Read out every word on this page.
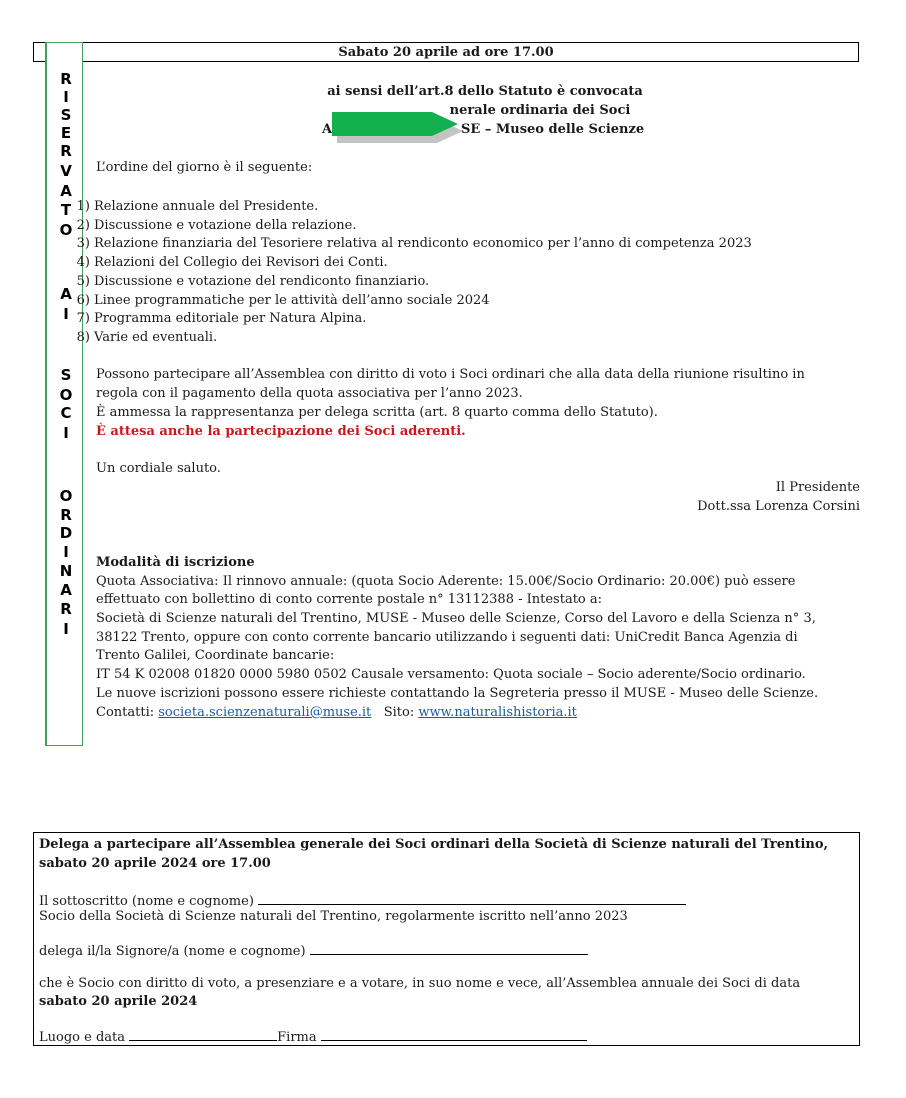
Sabato 20 aprile ad ore 17.00
R
I
S
E
R
V
A
T
O
A
I
S
O
C
I
O
R
D
I
N
A
R
I
ai sensi dell’art.8 dello Statuto è convocata
nerale ordinaria dei Soci
A	SE – Museo delle Scienze
L’ordine del giorno è il seguente:
1) Relazione annuale del Presidente.
2) Discussione e votazione della relazione.
3) Relazione finanziaria del Tesoriere relativa al rendiconto economico per l’anno di competenza 2023
4) Relazioni del Collegio dei Revisori dei Conti.
5) Discussione e votazione del rendiconto finanziario.
6) Linee programmatiche per le attività dell’anno sociale 2024
7) Programma editoriale per Natura Alpina.
8) Varie ed eventuali.
Possono partecipare all’Assemblea con diritto di voto i Soci ordinari che alla data della riunione risultino in
regola con il pagamento della quota associativa per l’anno 2023.
È ammessa la rappresentanza per delega scritta (art. 8 quarto comma dello Statuto).
È attesa anche la partecipazione dei Soci aderenti.
Un cordiale saluto.
Il Presidente
Dott.ssa Lorenza Corsini
Modalità di iscrizione
Quota Associativa: Il rinnovo annuale: (quota Socio Aderente: 15.00€/Socio Ordinario: 20.00€) può essere
effettuato con bollettino di conto corrente postale n° 13112388 - Intestato a:
Società di Scienze naturali del Trentino, MUSE - Museo delle Scienze, Corso del Lavoro e della Scienza n° 3,
38122 Trento, oppure con conto corrente bancario utilizzando i seguenti dati: UniCredit Banca Agenzia di
Trento Galilei, Coordinate bancarie:
IT 54 K 02008 01820 0000 5980 0502 Causale versamento: Quota sociale – Socio aderente/Socio ordinario.
Le nuove iscrizioni possono essere richieste contattando la Segreteria presso il MUSE - Museo delle Scienze.
Contatti: societa.scienzenaturali@muse.it Sito: www.naturalishistoria.it
Delega a partecipare all’Assemblea generale dei Soci ordinari della Società di Scienze naturali del Trentino,
sabato 20 aprile 2024 ore 17.00
Il sottoscritto (nome e cognome)
Socio della Società di Scienze naturali del Trentino, regolarmente iscritto nell’anno 2023
delega il/la Signore/a (nome e cognome)
che è Socio con diritto di voto, a presenziare e a votare, in suo nome e vece, all’Assemblea annuale dei Soci di data
sabato 20 aprile 2024
Luogo e data	Firma
